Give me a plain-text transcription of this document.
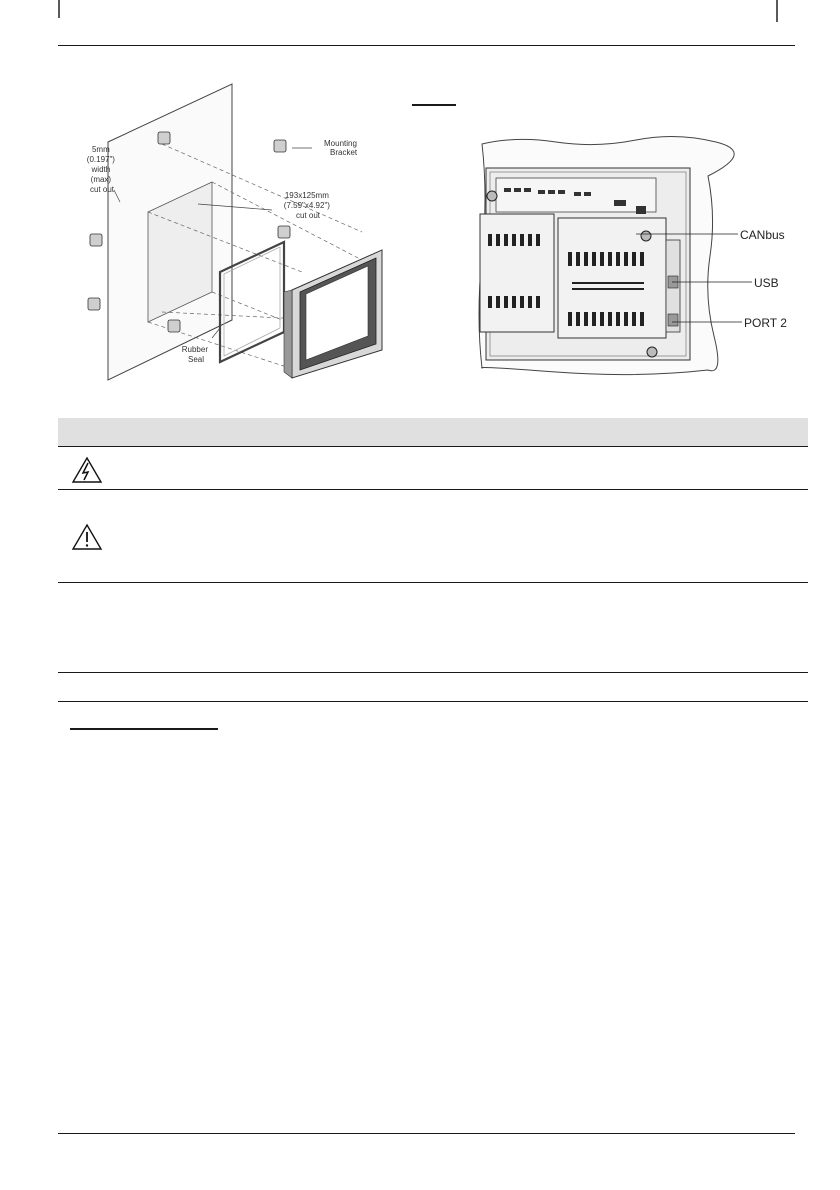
Mounting Bracket
5mm (0.197") width (max) cut out
193x125mm (7.59"x4.92") cut out
Rubber Seal
CANbus
USB
PORT 2
